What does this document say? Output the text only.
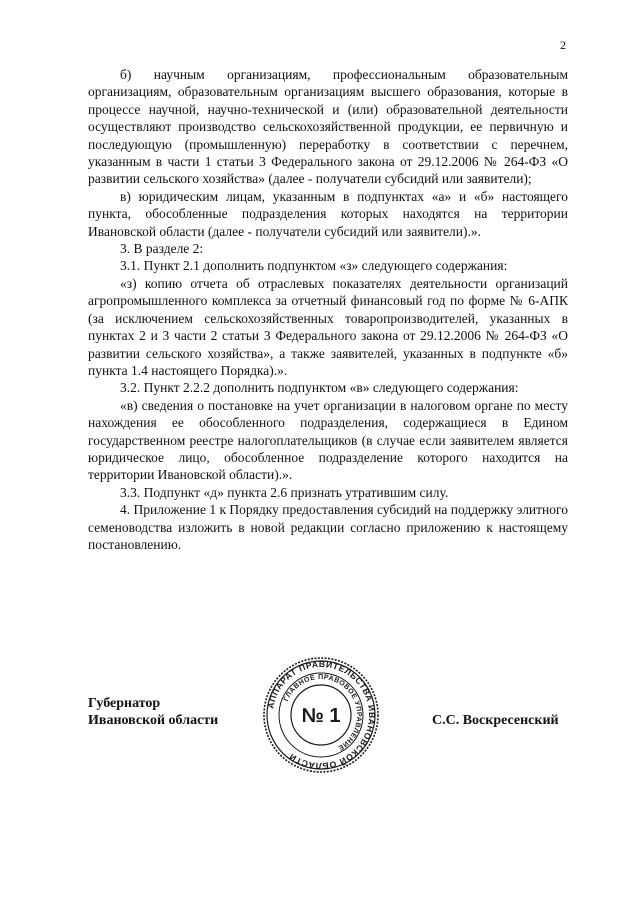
2

б) научным организациям, профессиональным образовательным организациям, образовательным организациям высшего образования, которые в процессе научной, научно-технической и (или) образовательной деятельности осуществляют производство сельскохозяйственной продукции, ее первичную и последующую (промышленную) переработку в соответствии с перечнем, указанным в части 1 статьи 3 Федерального закона от 29.12.2006 № 264-ФЗ «О развитии сельского хозяйства» (далее - получатели субсидий или заявители);

в) юридическим лицам, указанным в подпунктах «а» и «б» настоящего пункта, обособленные подразделения которых находятся на территории Ивановской области (далее - получатели субсидий или заявители).».

3. В разделе 2:

3.1. Пункт 2.1 дополнить подпунктом «з» следующего содержания:

«з) копию отчета об отраслевых показателях деятельности организаций агропромышленного комплекса за отчетный финансовый год по форме № 6-АПК (за исключением сельскохозяйственных товаропроизводителей, указанных в пунктах 2 и 3 части 2 статьи 3 Федерального закона от 29.12.2006 № 264-ФЗ «О развитии сельского хозяйства», а также заявителей, указанных в подпункте «б» пункта 1.4 настоящего Порядка).».

3.2. Пункт 2.2.2 дополнить подпунктом «в» следующего содержания:

«в) сведения о постановке на учет организации в налоговом органе по месту нахождения ее обособленного подразделения, содержащиеся в Едином государственном реестре налогоплательщиков (в случае если заявителем является юридическое лицо, обособленное подразделение которого находится на территории Ивановской области).».

3.3. Подпункт «д» пункта 2.6 признать утратившим силу.

4. Приложение 1 к Порядку предоставления субсидий на поддержку элитного семеноводства изложить в новой редакции согласно приложению к настоящему постановлению.

Губернатор
Ивановской области	С.С. Воскресенский
АППАРАТ ПРАВИТЕЛЬСТВА ИВАНОВСКОЙ ОБЛАСТИ
ГЛАВНОЕ ПРАВОВОЕ УПРАВЛЕНИЕ
№ 1
